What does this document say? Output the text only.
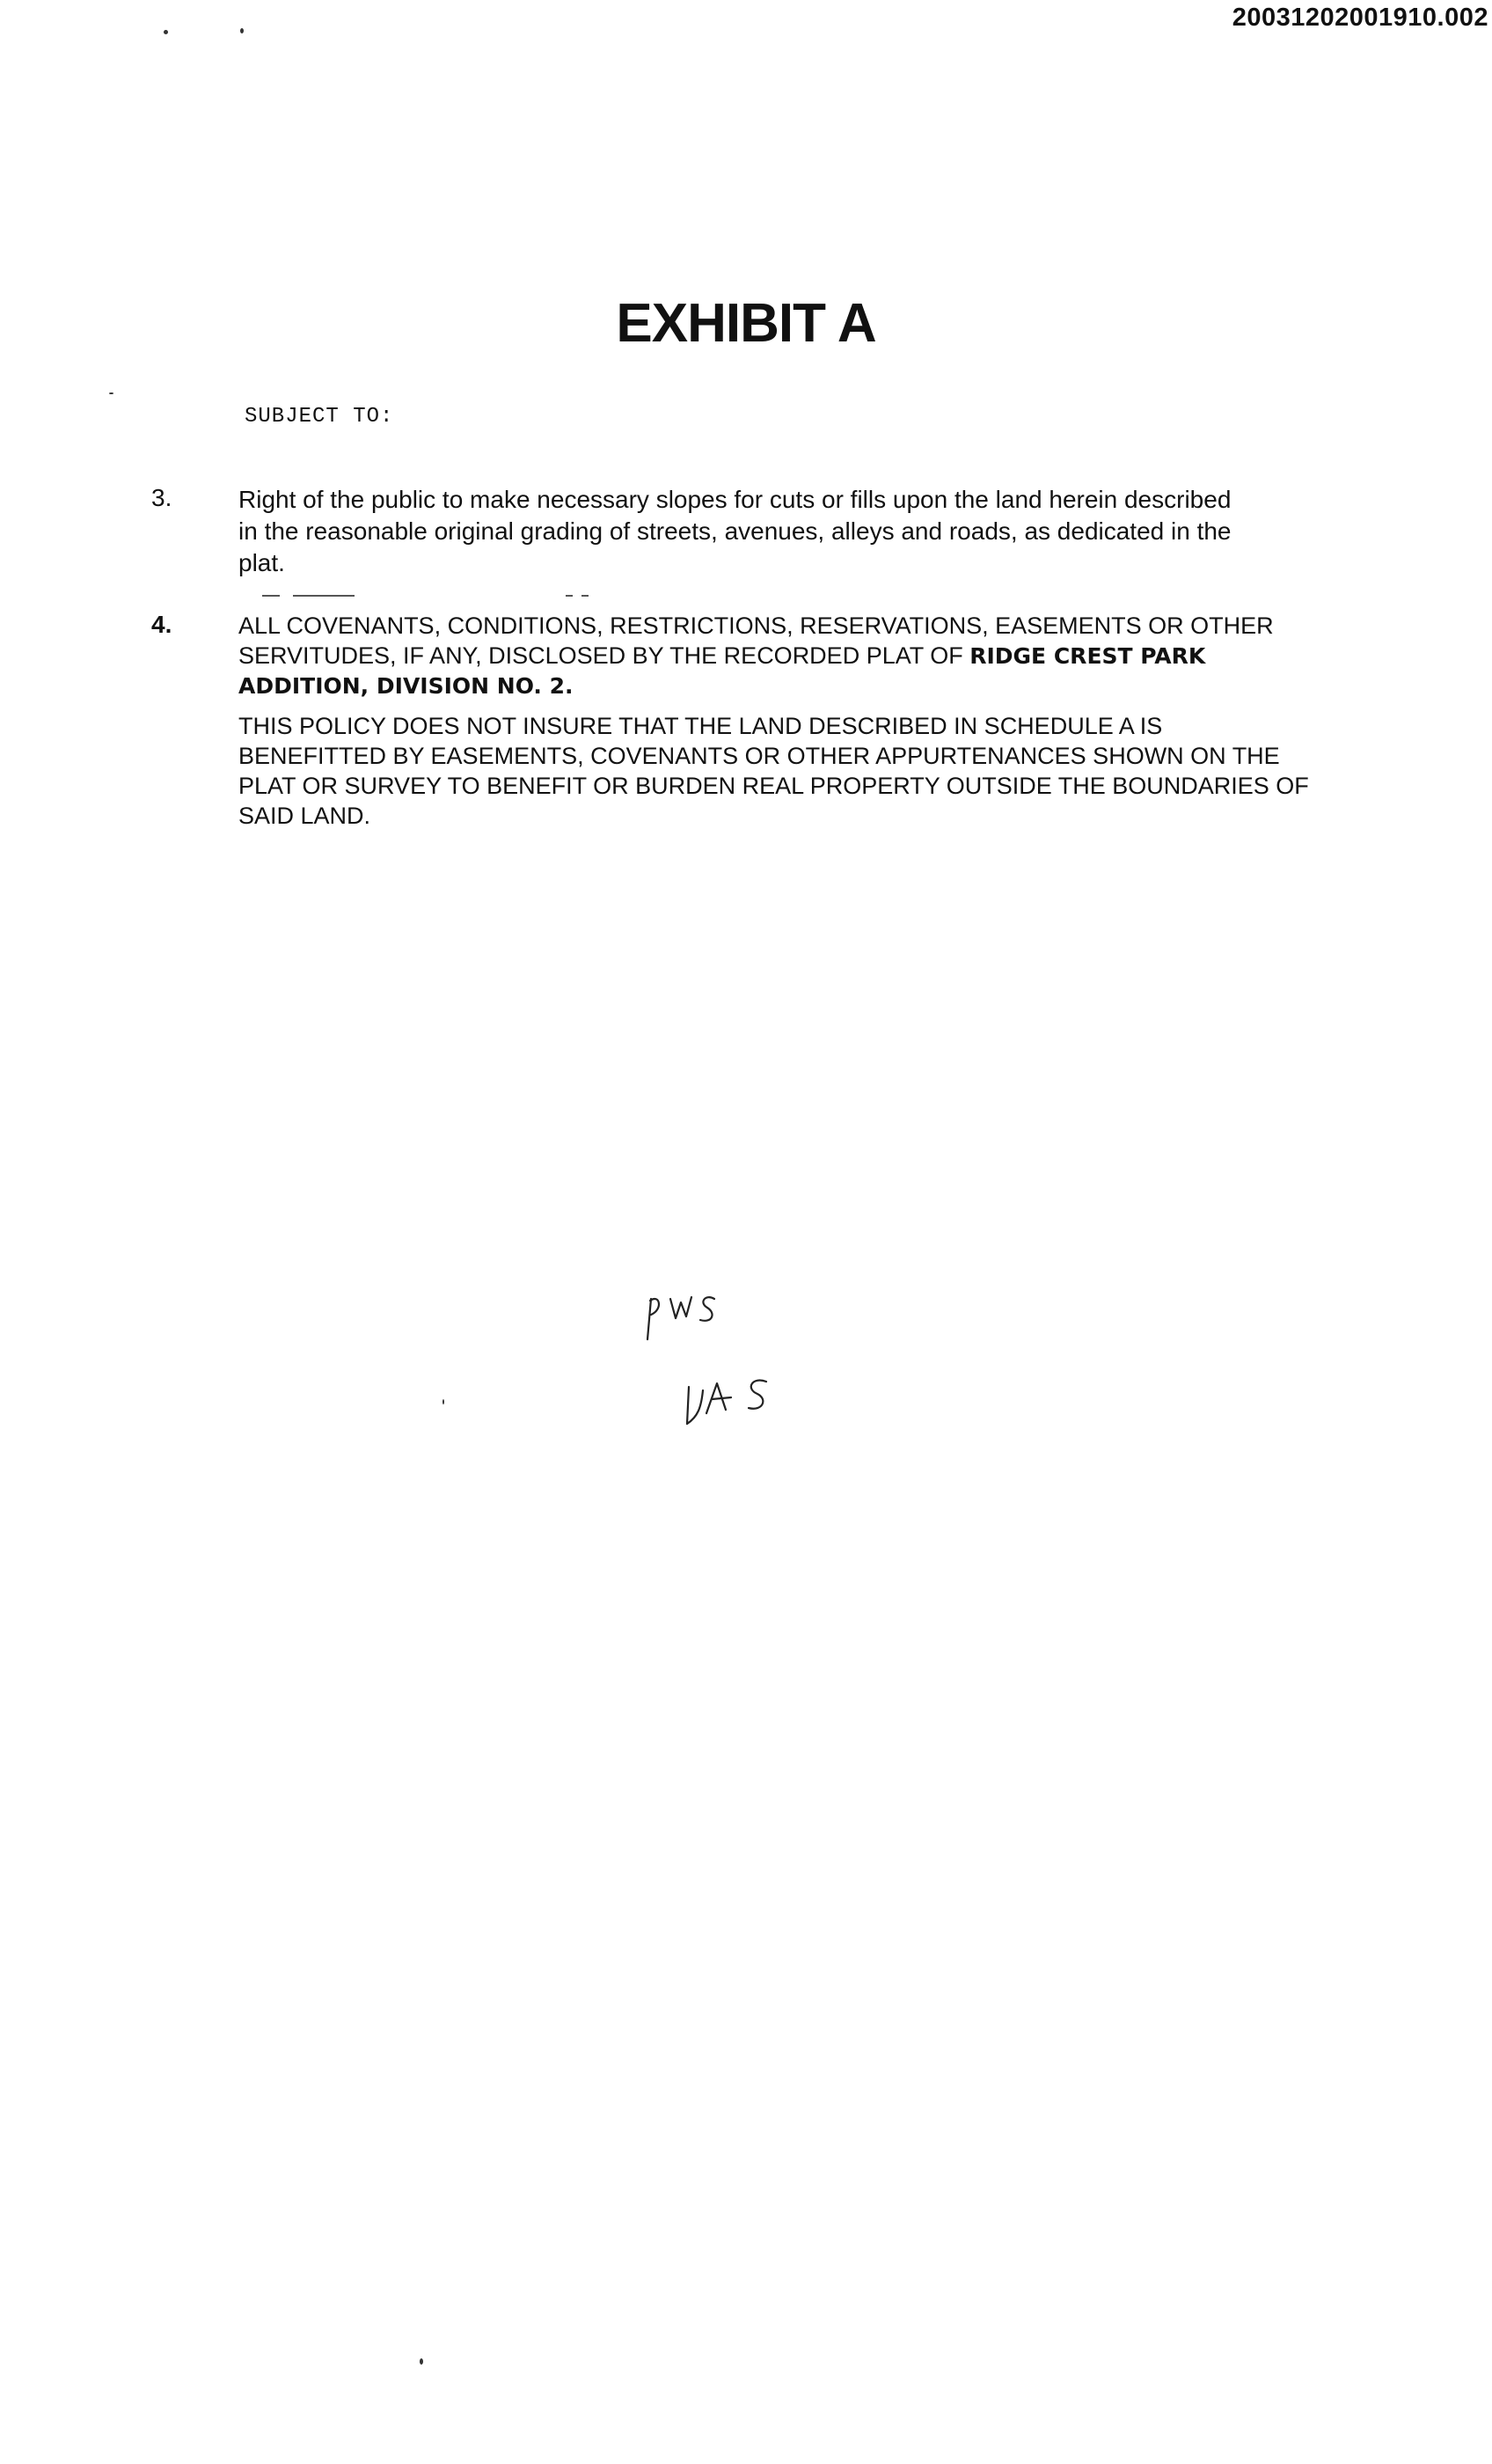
20031202001910.002
EXHIBIT A
SUBJECT TO:
3.	Right of the public to make necessary slopes for cuts or fills upon the land herein described
in the reasonable original grading of streets, avenues, alleys and roads, as dedicated in the
plat.
4.	ALL COVENANTS, CONDITIONS, RESTRICTIONS, RESERVATIONS, EASEMENTS OR OTHER
SERVITUDES, IF ANY, DISCLOSED BY THE RECORDED PLAT OF RIDGE CREST PARK
ADDITION, DIVISION NO. 2.
THIS POLICY DOES NOT INSURE THAT THE LAND DESCRIBED IN SCHEDULE A IS
BENEFITTED BY EASEMENTS, COVENANTS OR OTHER APPURTENANCES SHOWN ON THE
PLAT OR SURVEY TO BENEFIT OR BURDEN REAL PROPERTY OUTSIDE THE BOUNDARIES OF
SAID LAND.
